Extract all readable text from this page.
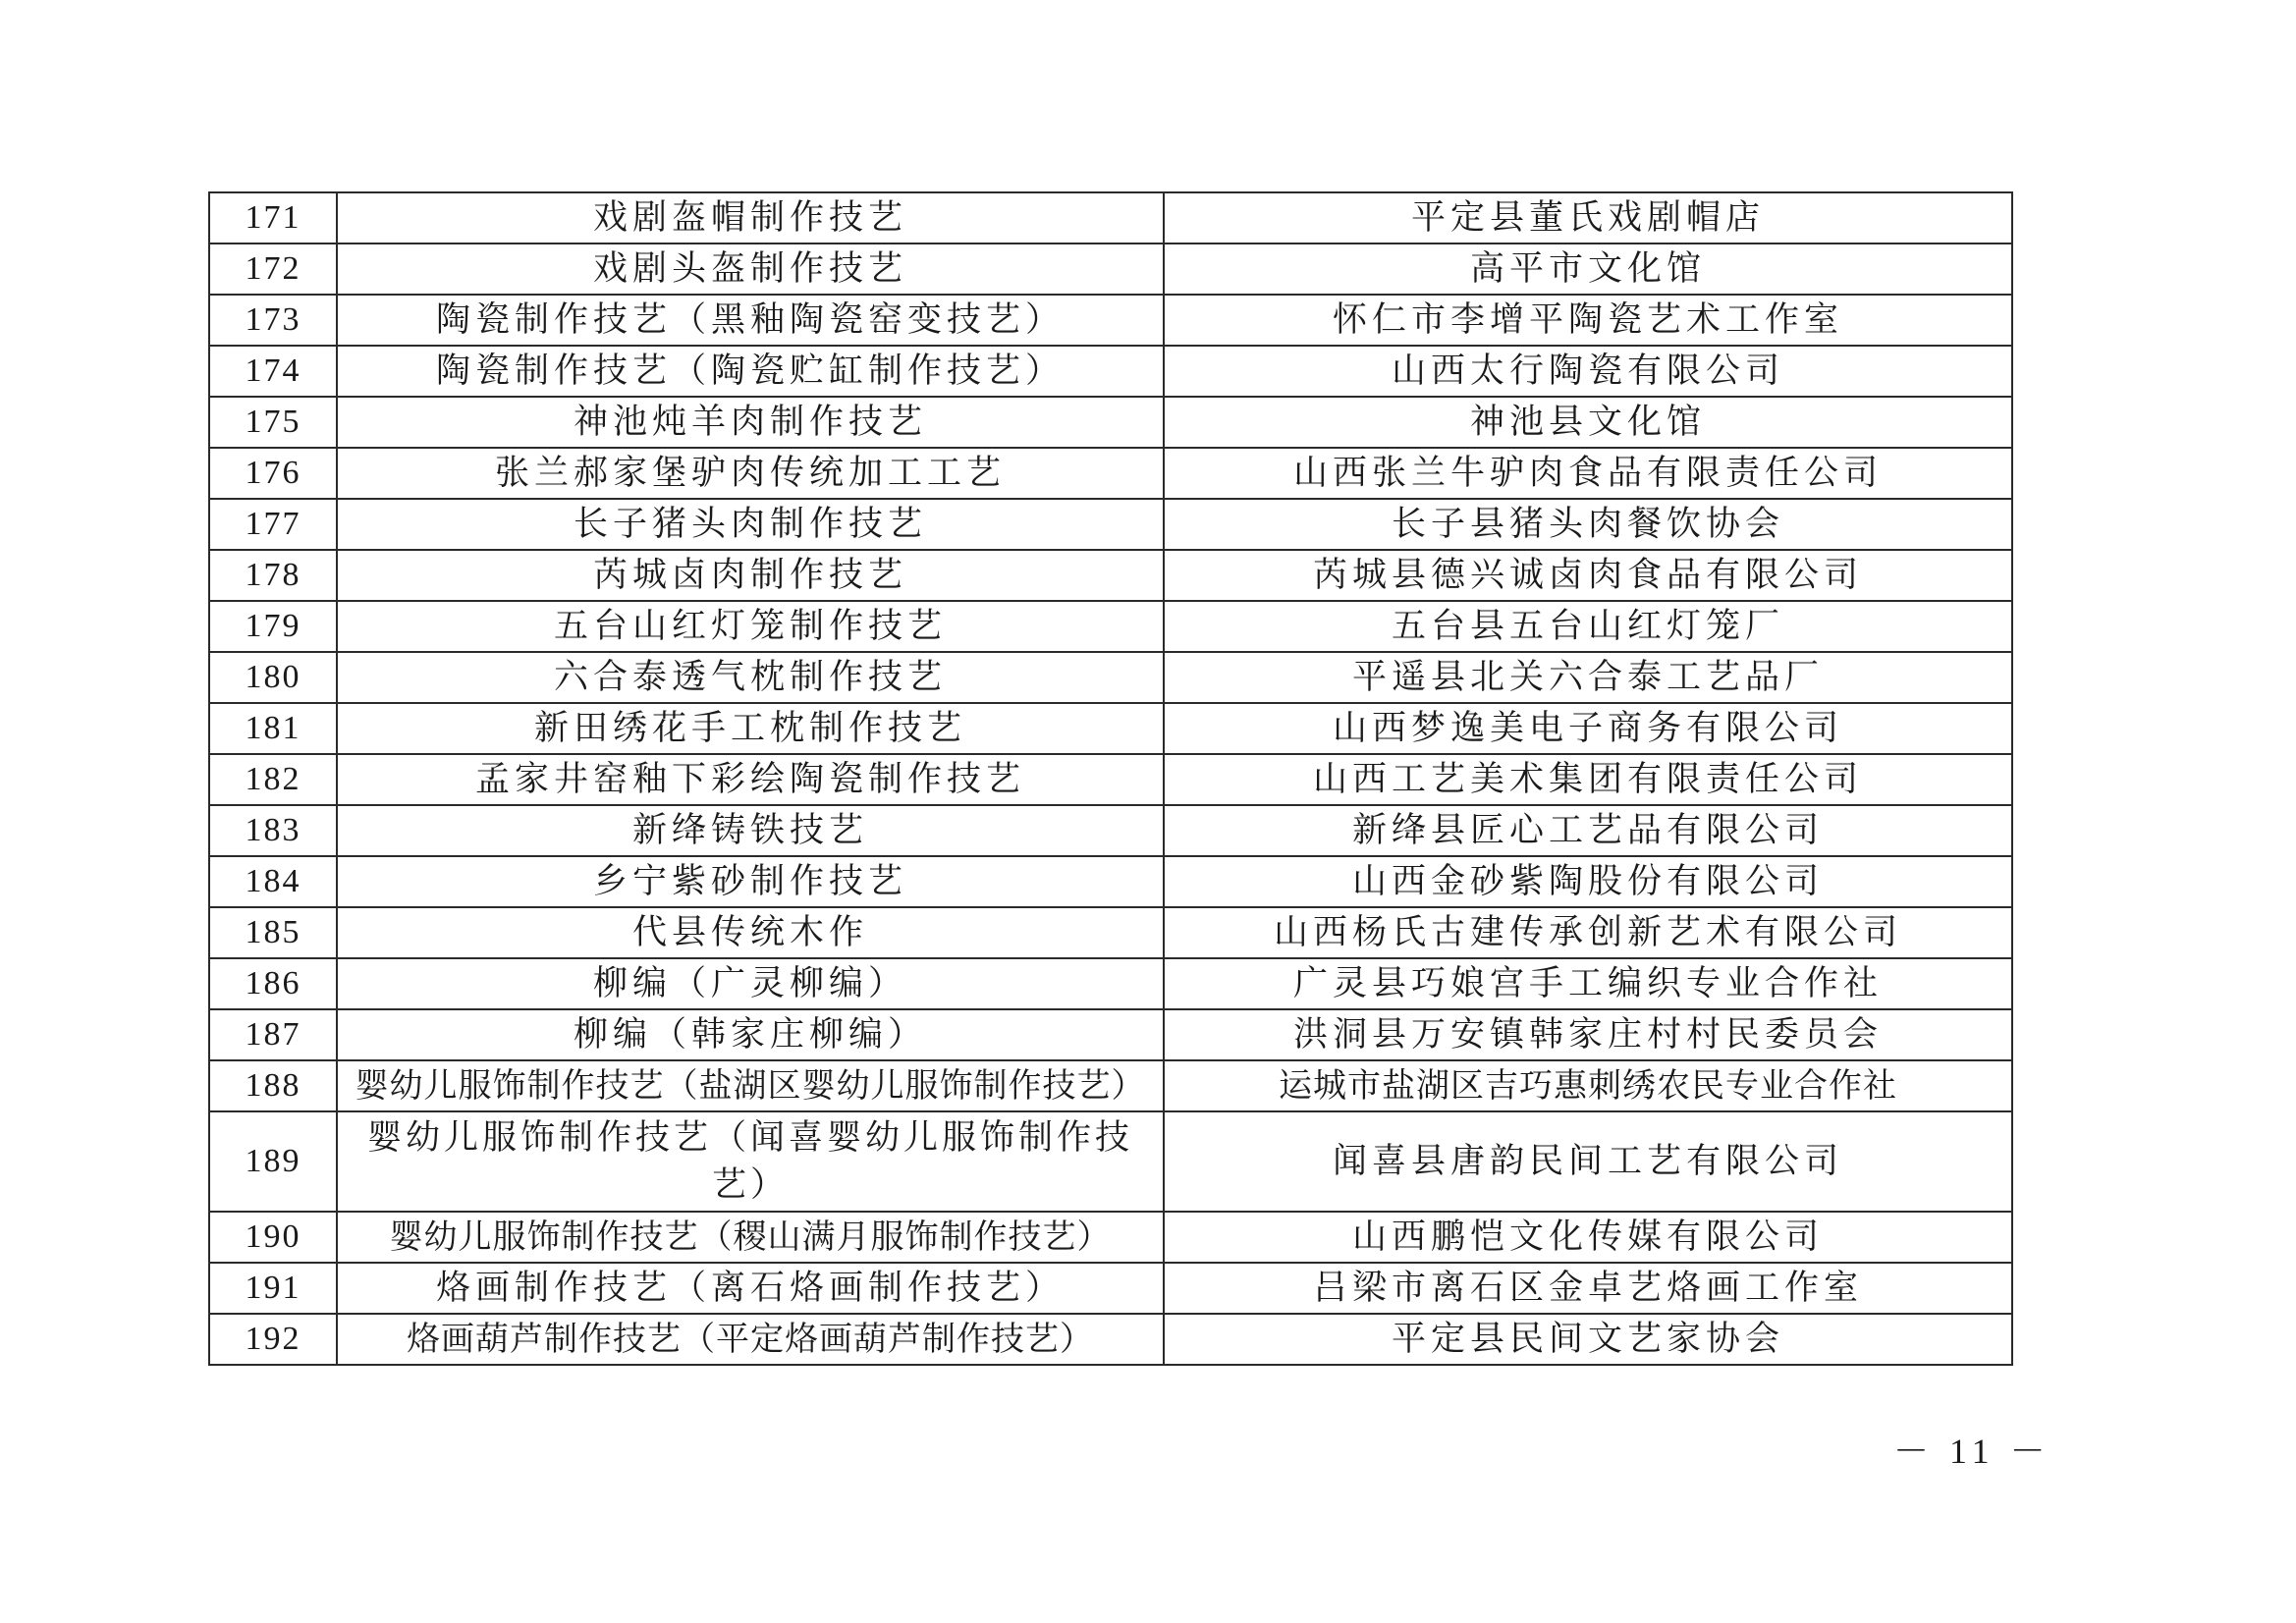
171	戏剧盔帽制作技艺	平定县董氏戏剧帽店
172	戏剧头盔制作技艺	高平市文化馆
173	陶瓷制作技艺（黑釉陶瓷窑变技艺）	怀仁市李增平陶瓷艺术工作室
174	陶瓷制作技艺（陶瓷贮缸制作技艺）	山西太行陶瓷有限公司
175	神池炖羊肉制作技艺	神池县文化馆
176	张兰郝家堡驴肉传统加工工艺	山西张兰牛驴肉食品有限责任公司
177	长子猪头肉制作技艺	长子县猪头肉餐饮协会
178	芮城卤肉制作技艺	芮城县德兴诚卤肉食品有限公司
179	五台山红灯笼制作技艺	五台县五台山红灯笼厂
180	六合泰透气枕制作技艺	平遥县北关六合泰工艺品厂
181	新田绣花手工枕制作技艺	山西梦逸美电子商务有限公司
182	孟家井窑釉下彩绘陶瓷制作技艺	山西工艺美术集团有限责任公司
183	新绛铸铁技艺	新绛县匠心工艺品有限公司
184	乡宁紫砂制作技艺	山西金砂紫陶股份有限公司
185	代县传统木作	山西杨氏古建传承创新艺术有限公司
186	柳编（广灵柳编）	广灵县巧娘宫手工编织专业合作社
187	柳编（韩家庄柳编）	洪洞县万安镇韩家庄村村民委员会
188	婴幼儿服饰制作技艺（盐湖区婴幼儿服饰制作技艺）	运城市盐湖区吉巧惠刺绣农民专业合作社
189	婴幼儿服饰制作技艺（闻喜婴幼儿服饰制作技艺）	闻喜县唐韵民间工艺有限公司
190	婴幼儿服饰制作技艺（稷山满月服饰制作技艺）	山西鹏恺文化传媒有限公司
191	烙画制作技艺（离石烙画制作技艺）	吕梁市离石区金卓艺烙画工作室
192	烙画葫芦制作技艺（平定烙画葫芦制作技艺）	平定县民间文艺家协会
－ 11 －
